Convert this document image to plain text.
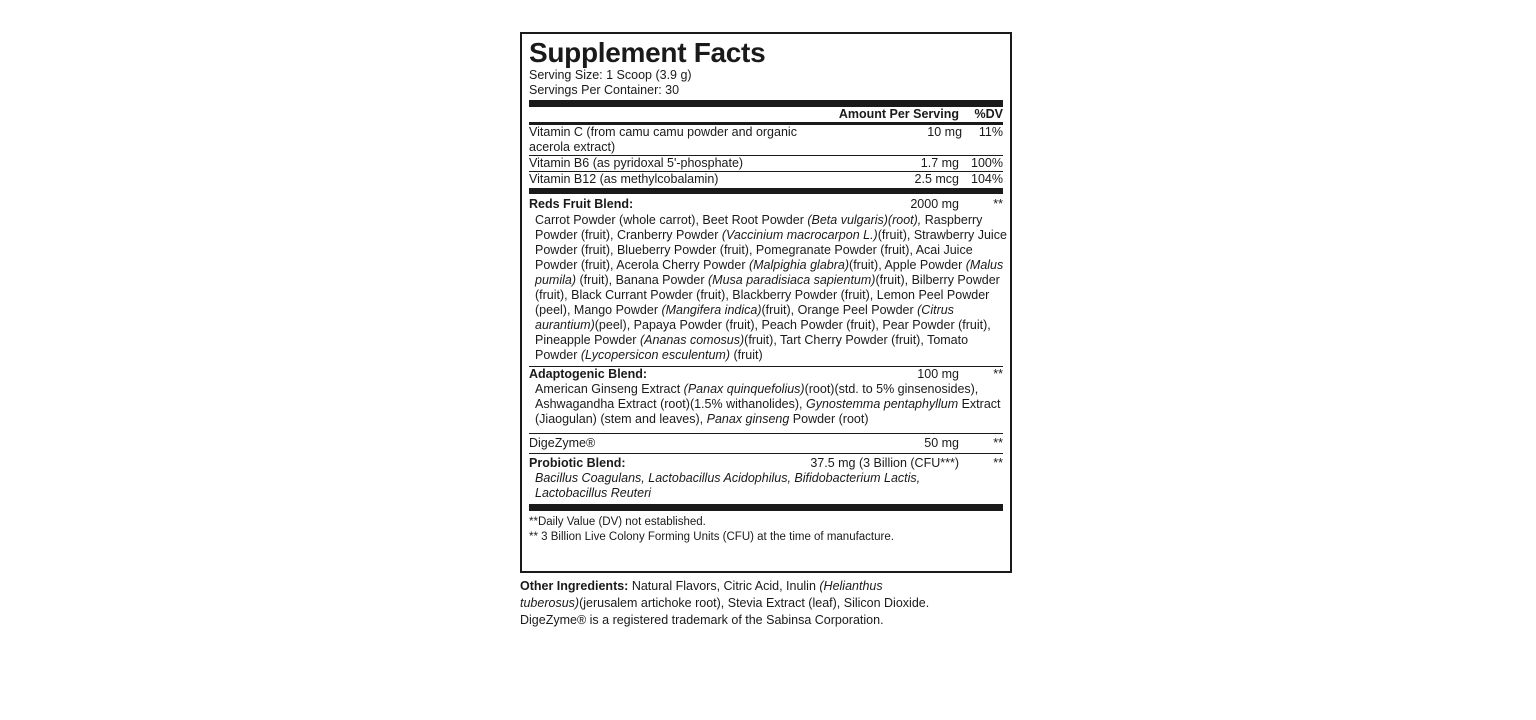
Supplement Facts
Serving Size: 1 Scoop (3.9 g)
Servings Per Container: 30
Amount Per Serving	%DV
Vitamin C (from camu camu powder and organic acerola extract)
10 mg	11%
Vitamin B6 (as pyridoxal 5'-phosphate)	1.7 mg 100%
Vitamin B12 (as methylcobalamin)	2.5 mcg 104%
Reds Fruit Blend:	2000 mg	**
Carrot Powder (whole carrot), Beet Root Powder (Beta vulgaris)(root), Raspberry Powder (fruit), Cranberry Powder (Vaccinium macrocarpon L.)(fruit), Strawberry Juice Powder (fruit), Blueberry Powder (fruit), Pomegranate Powder (fruit), Acai Juice Powder (fruit), Acerola Cherry Powder (Malpighia glabra)(fruit), Apple Powder (Malus pumila) (fruit), Banana Powder (Musa paradisiaca sapientum)(fruit), Bilberry Powder (fruit), Black Currant Powder (fruit), Blackberry Powder (fruit), Lemon Peel Powder (peel), Mango Powder (Mangifera indica)(fruit), Orange Peel Powder (Citrus aurantium)(peel), Papaya Powder (fruit), Peach Powder (fruit), Pear Powder (fruit), Pineapple Powder (Ananas comosus)(fruit), Tart Cherry Powder (fruit), Tomato Powder (Lycopersicon esculentum) (fruit)
Adaptogenic Blend:	100 mg	**
American Ginseng Extract (Panax quinquefolius)(root)(std. to 5% ginsenosides), Ashwagandha Extract (root)(1.5% withanolides), Gynostemma pentaphyllum Extract (Jiaogulan) (stem and leaves), Panax ginseng Powder (root)
DigeZyme®	50 mg	**
Probiotic Blend:	37.5 mg (3 Billion (CFU***)	**
Bacillus Coagulans, Lactobacillus Acidophilus, Bifidobacterium Lactis, Lactobacillus Reuteri
**Daily Value (DV) not established.
** 3 Billion Live Colony Forming Units (CFU) at the time of manufacture.
Other Ingredients: Natural Flavors, Citric Acid, Inulin (Helianthus
tuberosus)(jerusalem artichoke root), Stevia Extract (leaf), Silicon Dioxide.
DigeZyme® is a registered trademark of the Sabinsa Corporation.
